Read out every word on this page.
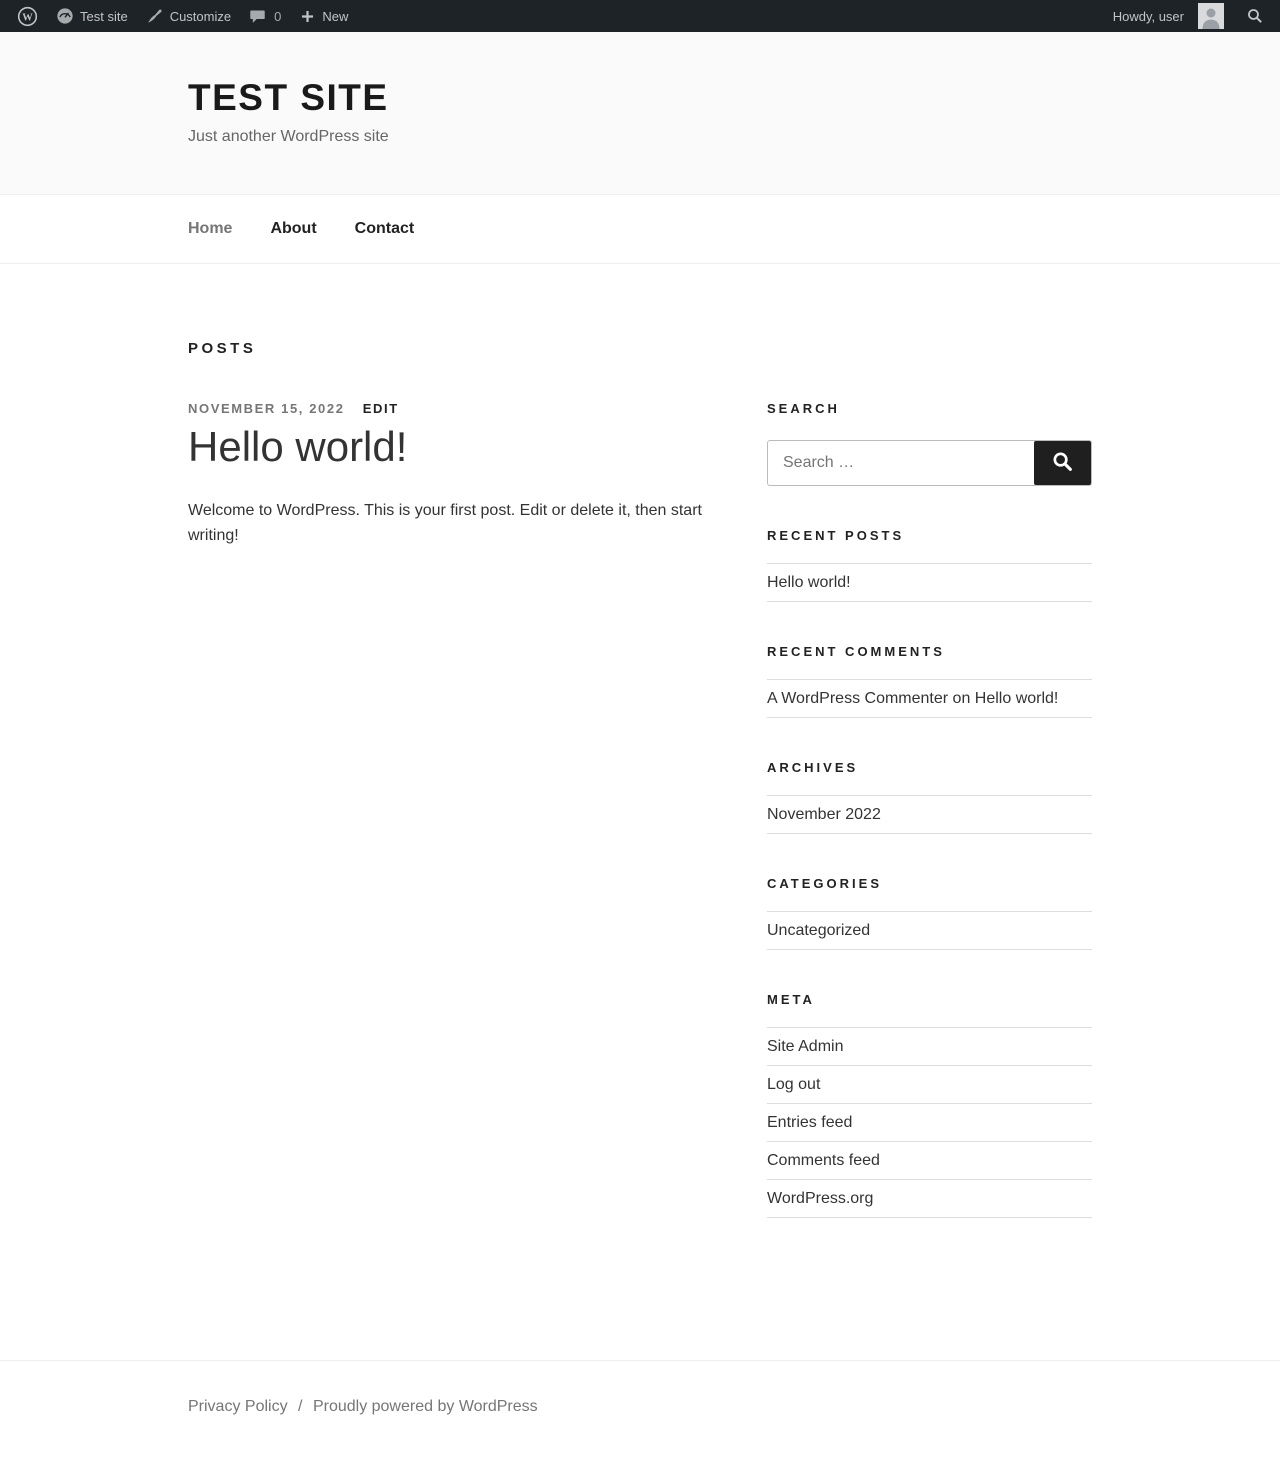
W	Test site	Customize	0	New	Howdy, user
TEST SITE

Just another WordPress site

Home About Contact
POSTS
NOVEMBER 15, 2022 EDIT
Hello world!

Welcome to WordPress. This is your first post. Edit or delete it, then start writing!

SEARCH
Search …
RECENT POSTS
Hello world!
RECENT COMMENTS
A WordPress Commenter on Hello world!
ARCHIVES
November 2022
CATEGORIES
Uncategorized
META
Site Admin
Log out
Entries feed
Comments feed
WordPress.org
Privacy Policy / Proudly powered by WordPress
